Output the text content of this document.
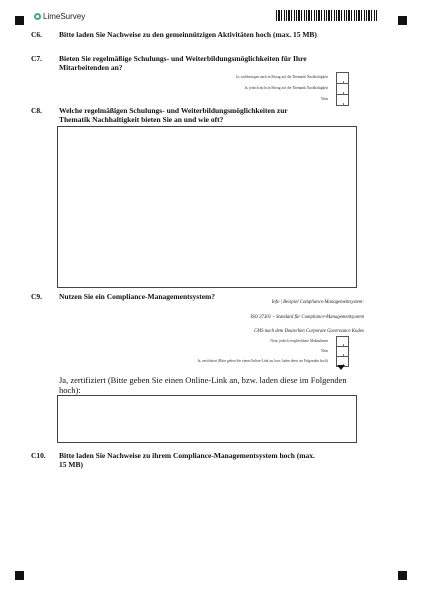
LimeSurvey
C6. Bitte laden Sie Nachweise zu den gemeinnützigen Aktivitäten hoch (max. 15 MB)
C7. Bieten Sie regelmäßige Schulungs- und Weiterbildungsmöglichkeiten für Ihre Mitarbeitenden an?
Ja, sachbezogen auch in Bezug auf die Thematik Nachhaltigkeit
Ja, jedoch nicht in Bezug auf die Thematik Nachhaltigkeit
Nein
C8. Welche regelmäßigen Schulungs- und Weiterbildungsmöglichkeiten zur Thematik Nachhaltigkeit bieten Sie an und wie oft?
C9. Nutzen Sie ein Compliance-Managementsystem?
Info | Beispiel Compliance-Managementsystem:
ISO 37301 – Standard für Compliance-Managementsystem
CMS nach dem Deutschen Corporate Governance Kodex
Nein, jedoch vergleichbare Maßnahmen
Nein
Ja, zertifiziert (Bitte geben Sie einen Online-Link an, bzw. laden diese im Folgenden hoch)
Ja, zertifiziert (Bitte geben Sie einen Online-Link an, bzw. laden diese im Folgenden hoch):
C10. Bitte laden Sie Nachweise zu ihrem Compliance-Managementsystem hoch (max. 15 MB)
